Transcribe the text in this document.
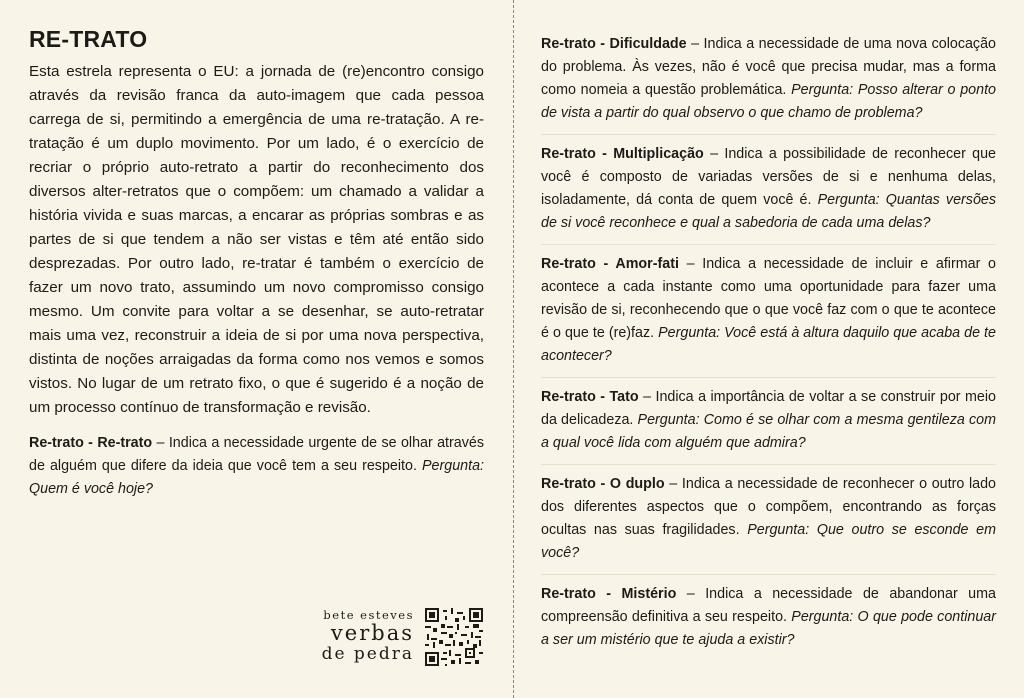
RE-TRATO

Esta estrela representa o EU: a jornada de (re)encontro consigo através da revisão franca da auto-imagem que cada pessoa carrega de si, permitindo a emergência de uma re-tratação. A re-tratação é um duplo movimento. Por um lado, é o exercício de recriar o próprio auto-retrato a partir do reconhecimento dos diversos alter-retratos que o compõem: um chamado a validar a história vivida e suas marcas, a encarar as próprias sombras e as partes de si que tendem a não ser vistas e têm até então sido desprezadas. Por outro lado, re-tratar é também o exercício de fazer um novo trato, assumindo um novo compromisso consigo mesmo. Um convite para voltar a se desenhar, se auto-retratar mais uma vez, reconstruir a ideia de si por uma nova perspectiva, distinta de noções arraigadas da forma como nos vemos e somos vistos. No lugar de um retrato fixo, o que é sugerido é a noção de um processo contínuo de transformação e revisão.

Re-trato - Re-trato – Indica a necessidade urgente de se olhar através de alguém que difere da ideia que você tem a seu respeito. Pergunta: Quem é você hoje?

bete esteves
verbas
de pedra

Re-trato - Dificuldade – Indica a necessidade de uma nova colocação do problema. Às vezes, não é você que precisa mudar, mas a forma como nomeia a questão problemática. Pergunta: Posso alterar o ponto de vista a partir do qual observo o que chamo de problema?

Re-trato - Multiplicação – Indica a possibilidade de reconhecer que você é composto de variadas versões de si e nenhuma delas, isoladamente, dá conta de quem você é. Pergunta: Quantas versões de si você reconhece e qual a sabedoria de cada uma delas?

Re-trato - Amor-fati – Indica a necessidade de incluir e afirmar o acontece a cada instante como uma oportunidade para fazer uma revisão de si, reconhecendo que o que você faz com o que te acontece é o que te (re)faz. Pergunta: Você está à altura daquilo que acaba de te acontecer?

Re-trato - Tato – Indica a importância de voltar a se construir por meio da delicadeza. Pergunta: Como é se olhar com a mesma gentileza com a qual você lida com alguém que admira?

Re-trato - O duplo – Indica a necessidade de reconhecer o outro lado dos diferentes aspectos que o compõem, encontrando as forças ocultas nas suas fragilidades. Pergunta: Que outro se esconde em você?

Re-trato - Mistério – Indica a necessidade de abandonar uma compreensão definitiva a seu respeito. Pergunta: O que pode continuar a ser um mistério que te ajuda a existir?
